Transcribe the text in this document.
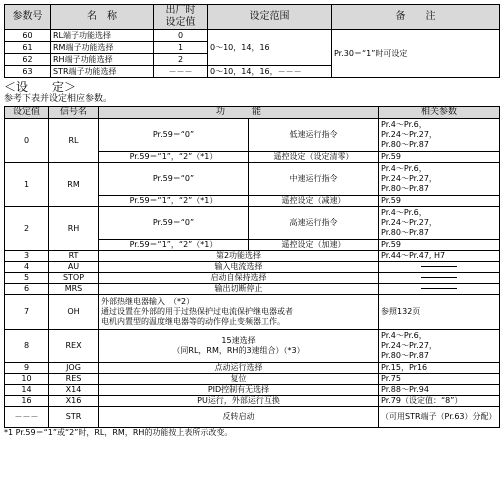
参数号	名　称	出厂时
设定值	设定范围	备　　注
60	RL端子功能选择	0	0～10，14，16	Pr.30＝“1”时可设定
61	RM端子功能选择	1		
62	RH端子功能选择	2		
63	STR端子功能选择	－－－	0～10，14，16，－－－	
＜设　　定＞
参考下表并设定相应参数。
设定值	信号名	功　　　能		相关参数
0	RL	Pr.59＝“0”	低速运行指令	Pr.4～Pr.6，
Pr.24～Pr.27，
Pr.80～Pr.87
		Pr.59＝“1”，“2”（*1）	遥控设定（设定清零）	Pr.59
1	RM	Pr.59＝“0”	中速运行指令	Pr.4～Pr.6，
Pr.24～Pr.27，
Pr.80～Pr.87
		Pr.59＝“1”，“2”（*1）	遥控设定（减速）	Pr.59
2	RH	Pr.59＝“0”	高速运行指令	Pr.4～Pr.6，
Pr.24～Pr.27，
Pr.80～Pr.87
		Pr.59＝“1”，“2”（*1）	遥控设定（加速）	Pr.59
3	RT	第2功能选择		Pr.44～Pr.47, H7
4	AU	输入电流选择		
5	STOP	启动自保持选择		
6	MRS	输出切断停止		
7	OH	外部热继电器输入　（*2）
通过设置在外部的用于过热保护过电流保护继电器或者
电机内置型的温度继电器等的动作停止变频器工作。		参照132页
8	REX	15速选择
（同RL，RM，RH的3速组合）（*3）		Pr.4～Pr.6，
Pr.24～Pr.27，
Pr.80～Pr.87
9	JOG	点动运行选择		Pr.15，Pr16
10	RES	复位		Pr.75
14	X14	PID控制有无选择		Pr.88～Pr.94
16	X16	PU运行，外部运行互换		Pr.79（设定值：“8”）
－－－	STR	反转启动		（可用STR端子（Pr.63）分配）
*1 Pr.59＝“1”或“2”时，RL，RM，RH的功能按上表所示改变。
